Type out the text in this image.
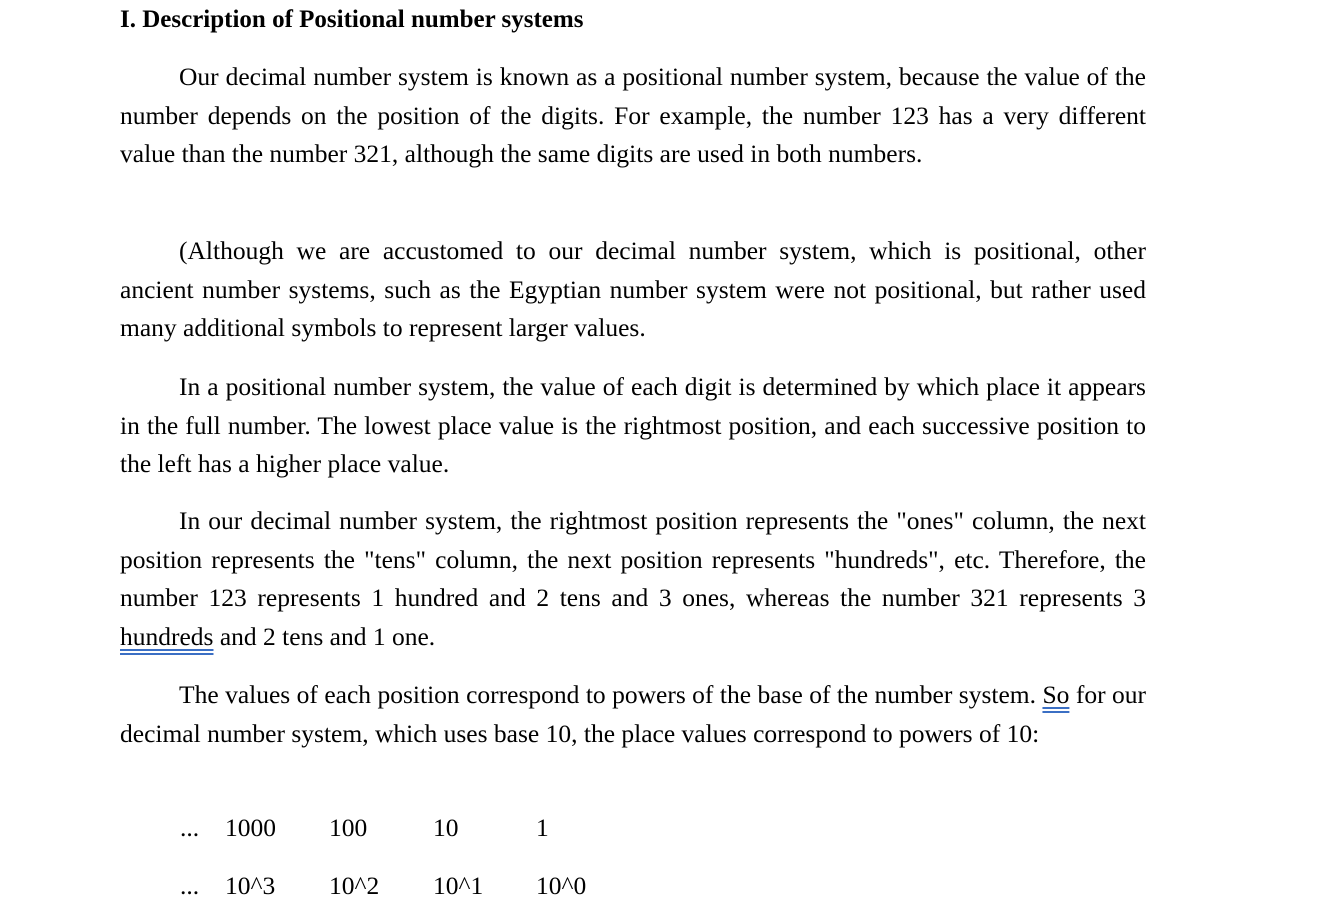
I. Description of Positional number systems

Our decimal number system is known as a positional number system, because the value of the number depends on the position of the digits. For example, the number 123 has a very different value than the number 321, although the same digits are used in both numbers.

(Although we are accustomed to our decimal number system, which is positional, other ancient number systems, such as the Egyptian number system were not positional, but rather used many additional symbols to represent larger values.

In a positional number system, the value of each digit is determined by which place it appears in the full number. The lowest place value is the rightmost position, and each successive position to the left has a higher place value.

In our decimal number system, the rightmost position represents the "ones" column, the next position represents the "tens" column, the next position represents "hundreds", etc. Therefore, the number 123 represents 1 hundred and 2 tens and 3 ones, whereas the number 321 represents 3 hundreds and 2 tens and 1 one.

The values of each position correspond to powers of the base of the number system. So for our decimal number system, which uses base 10, the place values correspond to powers of 10:

... 1000 100	10	1
... 10^3 10^2 10^1 10^0
